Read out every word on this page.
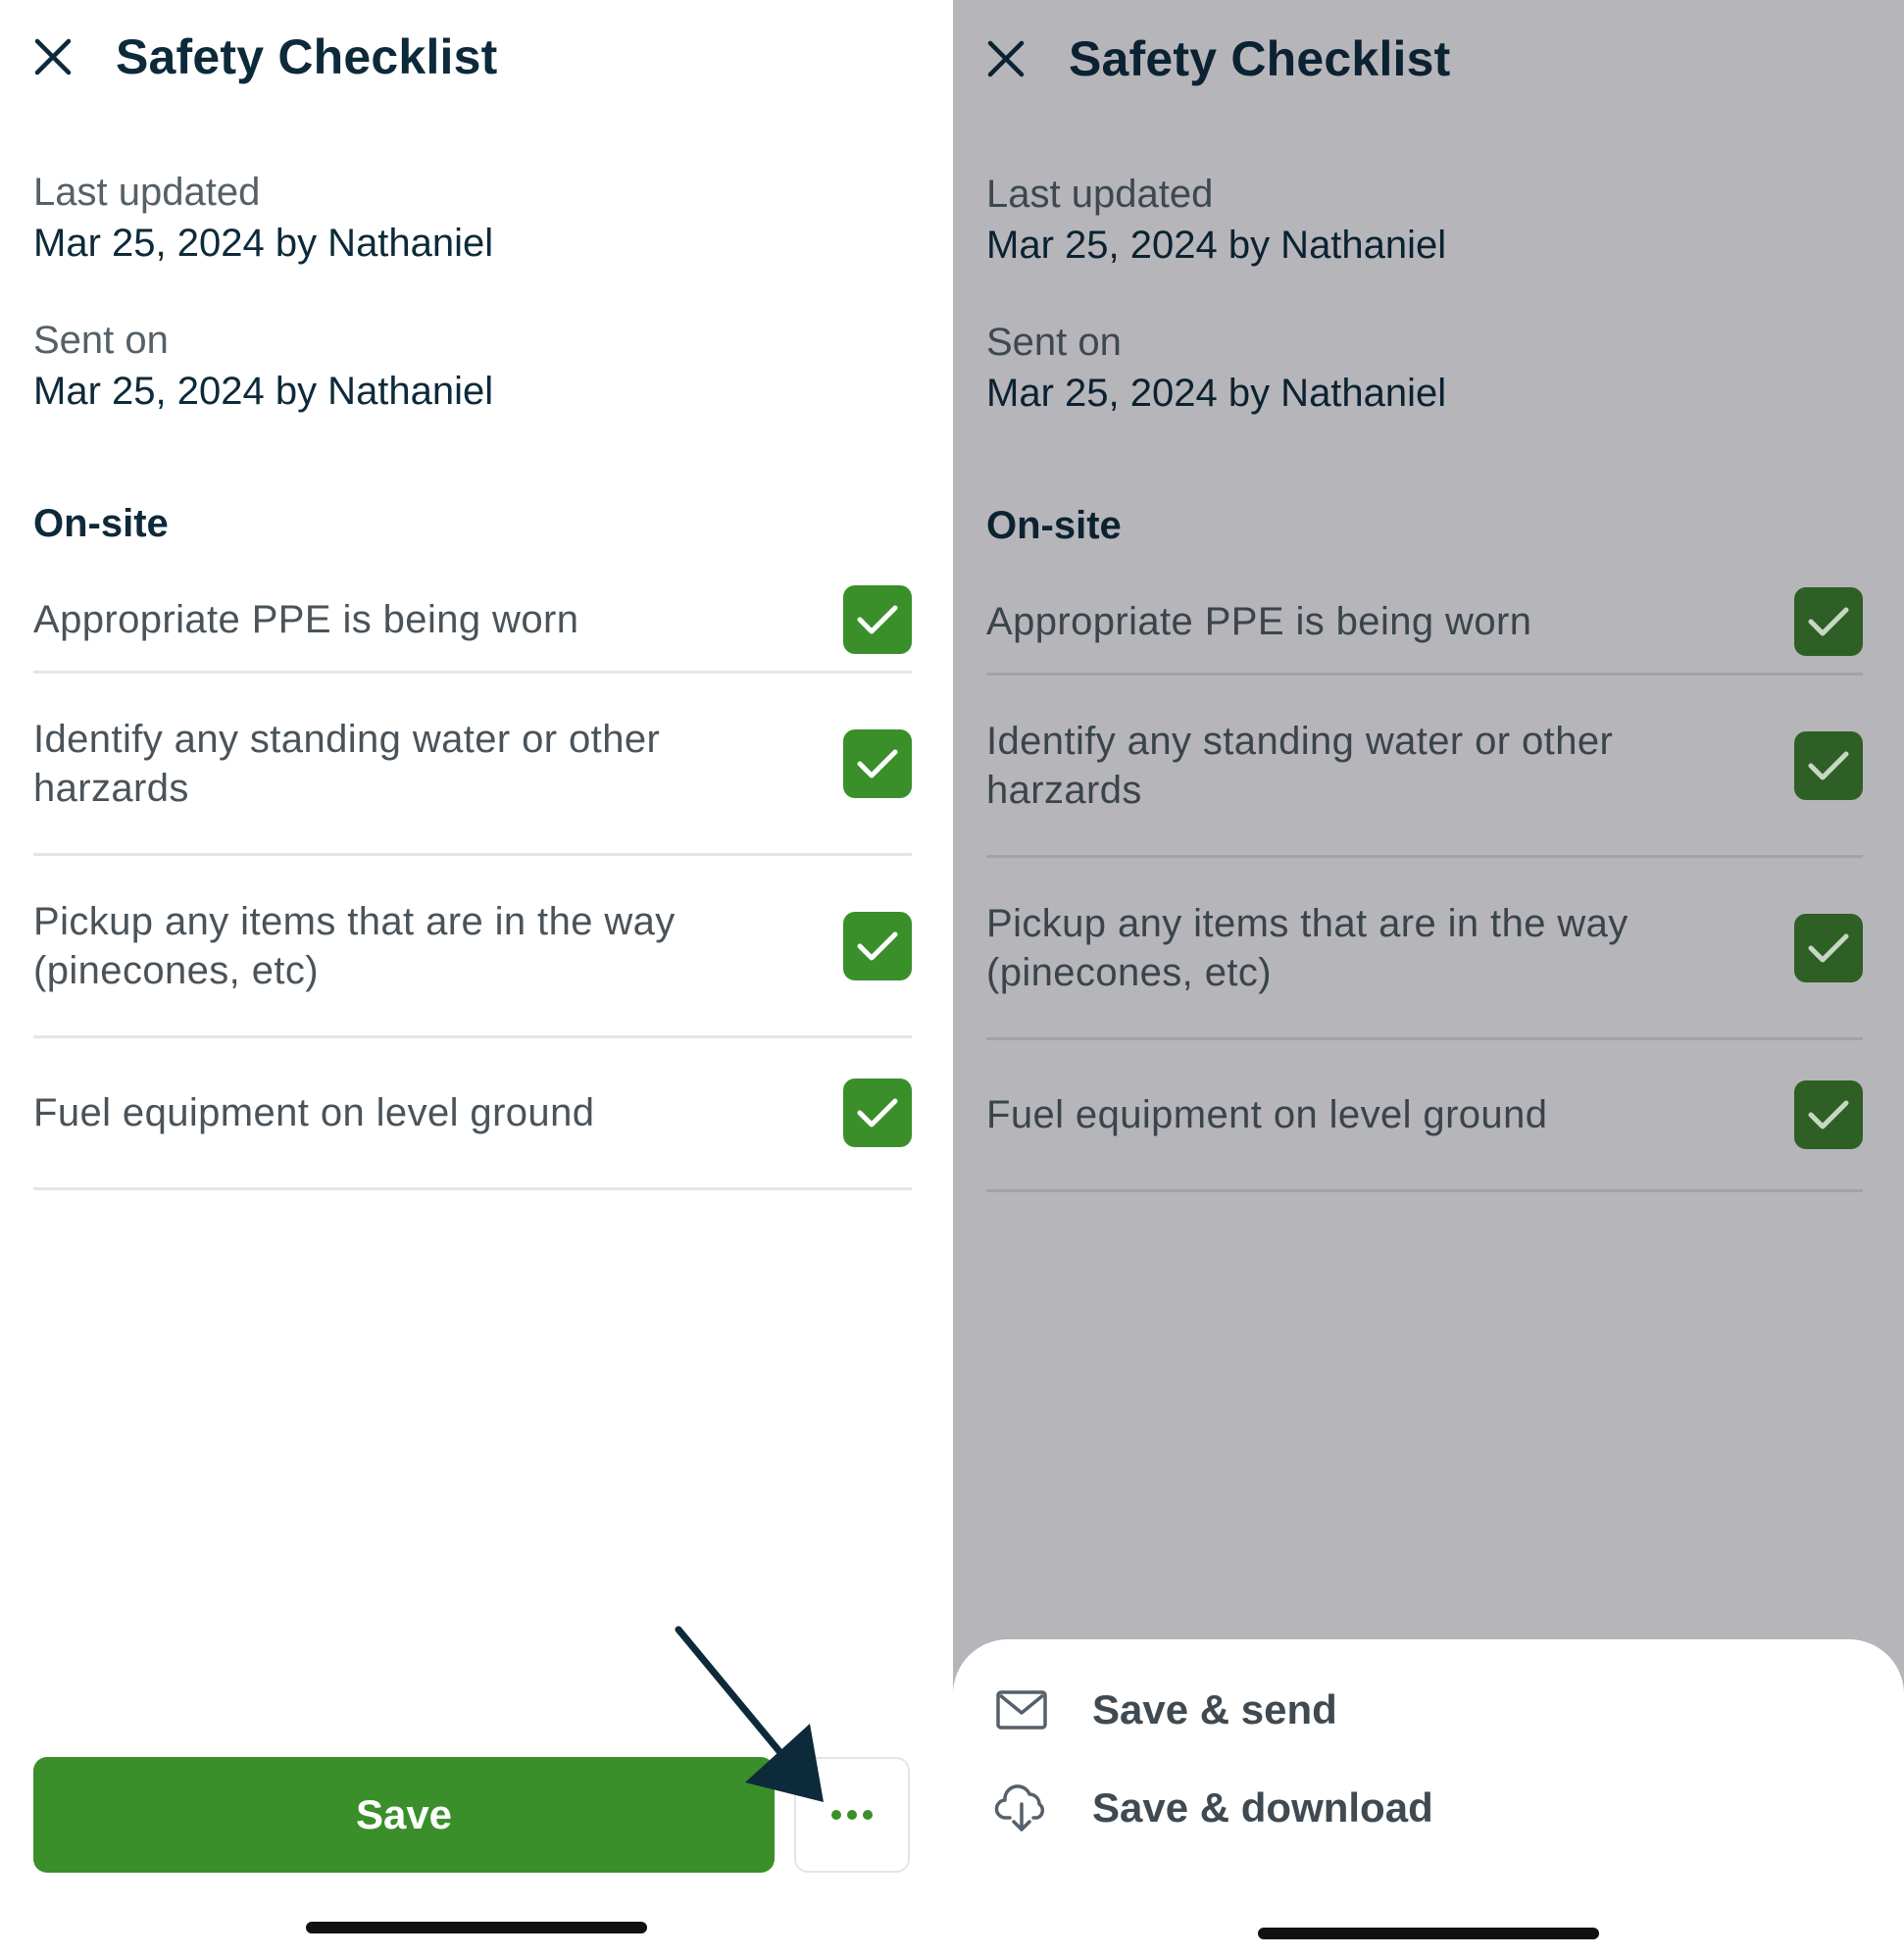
Safety Checklist
Last updated
Mar 25, 2024 by Nathaniel
Sent on
Mar 25, 2024 by Nathaniel
On-site
Appropriate PPE is being worn
Identify any standing water or other harzards
Pickup any items that are in the way (pinecones, etc)
Fuel equipment on level ground
Save
Safety Checklist
Last updated
Mar 25, 2024 by Nathaniel
Sent on
Mar 25, 2024 by Nathaniel
On-site
Appropriate PPE is being worn
Identify any standing water or other harzards
Pickup any items that are in the way (pinecones, etc)
Fuel equipment on level ground
Save & send
Save & download
